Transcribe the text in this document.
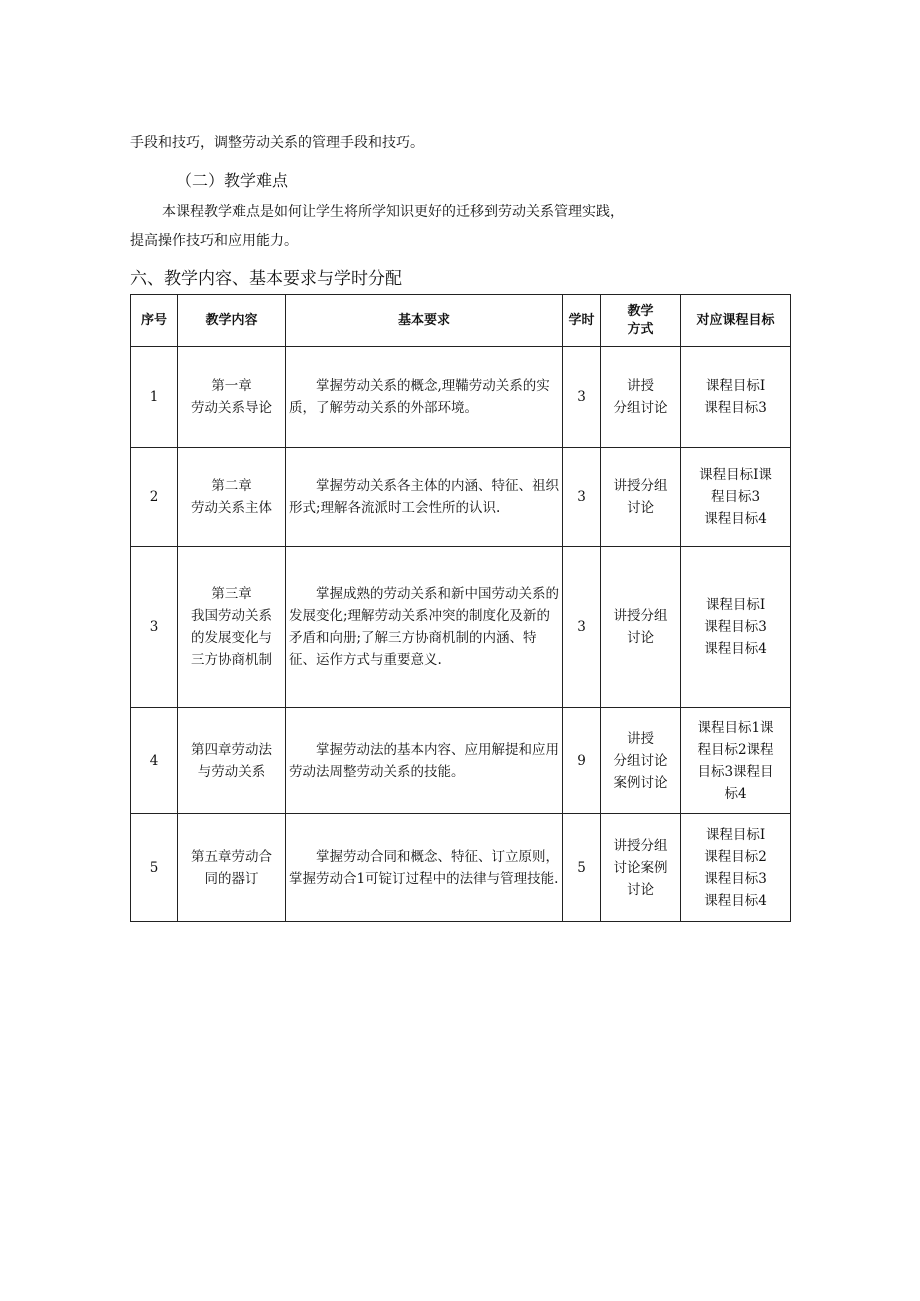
手段和技巧，调整劳动关系的管理手段和技巧。
（二）教学难点
本课程教学难点是如何让学生将所学知识更好的迁移到劳动关系管理实践，
提高操作技巧和应用能力。
六、教学内容、基本要求与学时分配
序号	教学内容	基本要求	学时	教学
方式	对应课程目标
1	第一章
劳动关系导论	掌握劳动关系的概念,理鞴劳动关系的实质，了解劳动关系的外部环境。	3	讲授
分组讨论	课程目标I
课程目标3

2	第二章
劳动关系主体	掌握劳动关系各主体的内涵、特征、祖织形式;理解各流派时工会性所的认识.	3	讲授分组
讨论	课程目标I课
程目标3
课程目标4

3	第三章
我国劳动关系
的发展变化与
三方协商机制	掌握成熟的劳动关系和新中国劳动关系的发展变化;理解劳动关系冲突的制度化及新的矛盾和向册;了解三方协商机制的内涵、特征、运作方式与重要意义.	3	讲授分组
讨论	课程目标I
课程目标3
课程目标4

4	第四章劳动法
与劳动关系	掌握劳动法的基本内容、应用解提和应用劳动法周整劳动关系的技能。	9	讲授
分组讨论
案例讨论	课程目标1课
程目标2课程
目标3课程目
标4

5	第五章劳动合
同的器订	掌握劳动合同和概念、特征、订立原则，掌握劳动合1可锭订过程中的法律与管理技能.	5	讲授分组
讨论案例
讨论	课程目标I
课程目标2
课程目标3
课程目标4
